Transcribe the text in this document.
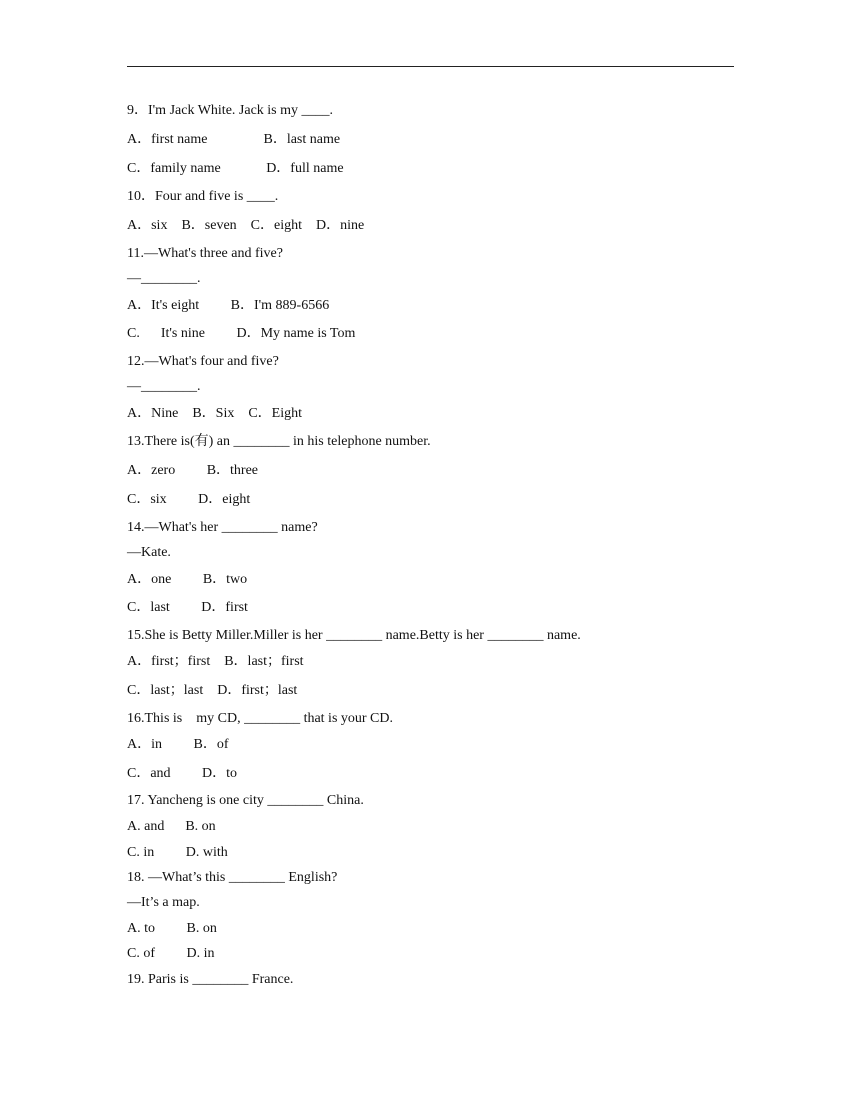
9．I'm Jack White. Jack is my ____.
A．first name                B．last name
C．family name             D．full name
10．Four and five is ____.
A．six    B．seven    C．eight    D．nine
11.—What's three and five?
—________.
A．It's eight         B．I'm 889-6566
C.      It's nine         D．My name is Tom
12.—What's four and five?
—________.
A．Nine    B．Six    C．Eight
13.There is(有) an ________ in his telephone number.
A．zero         B．three
C．six         D．eight
14.—What's her ________ name?
—Kate.
A．one         B．two
C．last         D．first
15.She is Betty Miller.Miller is her ________ name.Betty is her ________ name.
A．first；first    B．last；first
C．last；last    D．first；last
16.This is    my CD, ________ that is your CD.
A．in         B．of
C．and         D．to
17. Yancheng is one city ________ China.
A. and      B. on
C. in         D. with
18. —What’s this ________ English?
—It’s a map.
A. to         B. on
C. of         D. in
19. Paris is ________ France.
